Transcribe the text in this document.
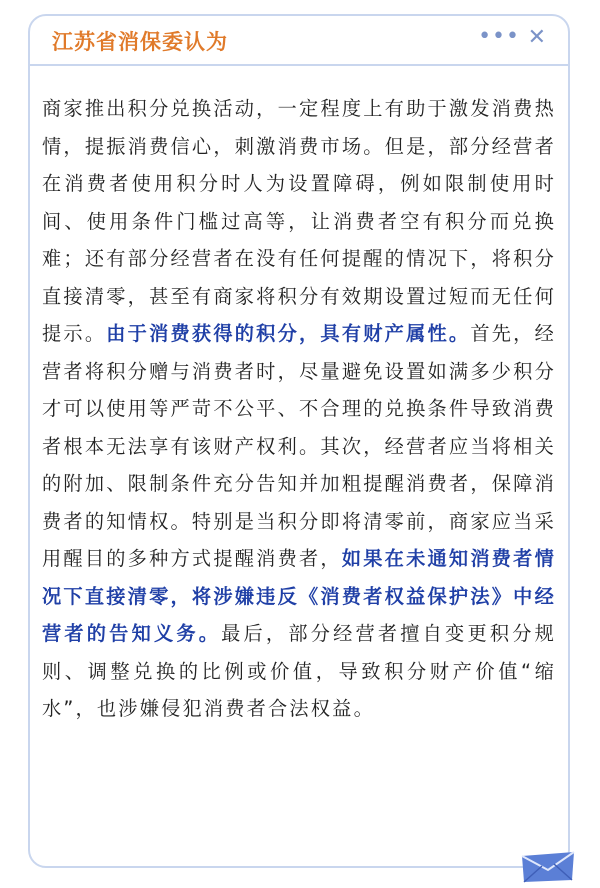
江苏省消保委认为	••• ✕
商家推出积分兑换活动，一定程度上有助于激发消费热情，提振消费信心，刺激消费市场。但是，部分经营者在消费者使用积分时人为设置障碍，例如限制使用时间、使用条件门槛过高等，让消费者空有积分而兑换难；还有部分经营者在没有任何提醒的情况下，将积分直接清零，甚至有商家将积分有效期设置过短而无任何提示。由于消费获得的积分，具有财产属性。首先，经营者将积分赠与消费者时，尽量避免设置如满多少积分才可以使用等严苛不公平、不合理的兑换条件导致消费者根本无法享有该财产权利。其次，经营者应当将相关的附加、限制条件充分告知并加粗提醒消费者，保障消费者的知情权。特别是当积分即将清零前，商家应当采用醒目的多种方式提醒消费者，如果在未通知消费者情况下直接清零，将涉嫌违反《消费者权益保护法》中经营者的告知义务。最后，部分经营者擅自变更积分规则、调整兑换的比例或价值，导致积分财产价值“缩水”，也涉嫌侵犯消费者合法权益。
